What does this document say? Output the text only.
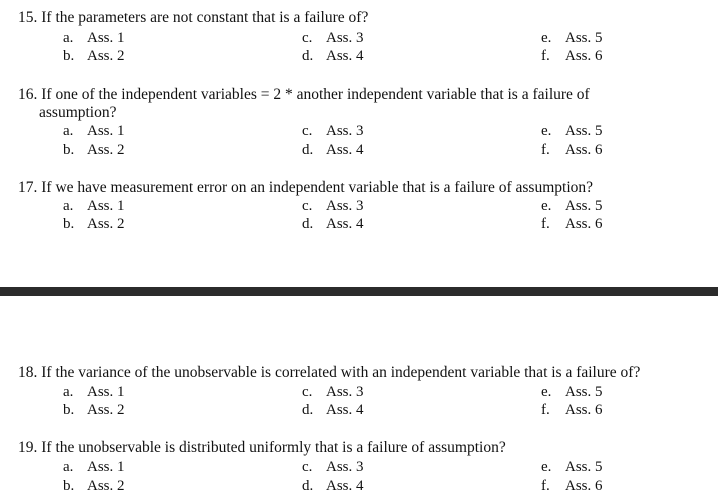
15. If the parameters are not constant that is a failure of?
a. Ass. 1
b. Ass. 2
c. Ass. 3
d. Ass. 4
e. Ass. 5
f. Ass. 6
16. If one of the independent variables = 2 * another independent variable that is a failure of
assumption?
a. Ass. 1
b. Ass. 2
c. Ass. 3
d. Ass. 4
e. Ass. 5
f. Ass. 6
17. If we have measurement error on an independent variable that is a failure of assumption?
a. Ass. 1
b. Ass. 2
c. Ass. 3
d. Ass. 4
e. Ass. 5
f. Ass. 6
18. If the variance of the unobservable is correlated with an independent variable that is a failure of?
a. Ass. 1
b. Ass. 2
c. Ass. 3
d. Ass. 4
e. Ass. 5
f. Ass. 6
19. If the unobservable is distributed uniformly that is a failure of assumption?
a. Ass. 1
b. Ass. 2
c. Ass. 3
d. Ass. 4
e. Ass. 5
f. Ass. 6
